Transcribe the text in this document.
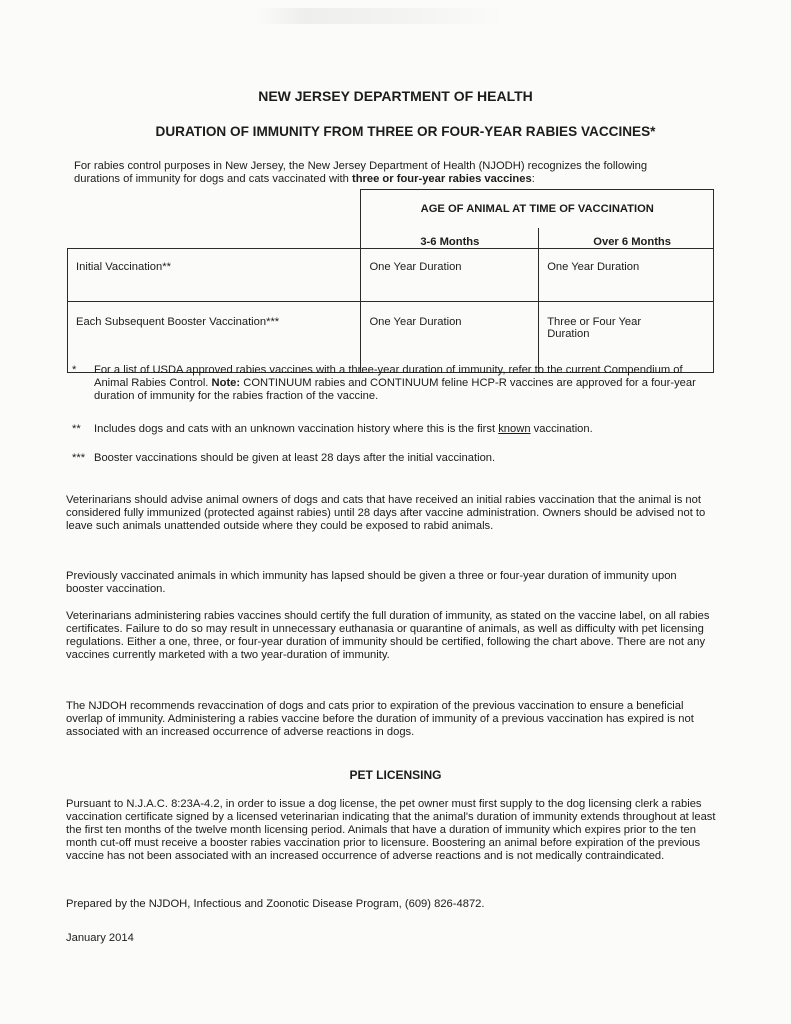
NEW JERSEY DEPARTMENT OF HEALTH
DURATION OF IMMUNITY FROM THREE OR FOUR-YEAR RABIES VACCINES*
For rabies control purposes in New Jersey, the New Jersey Department of Health (NJODH) recognizes the following durations of immunity for dogs and cats vaccinated with three or four-year rabies vaccines:
	AGE OF ANIMAL AT TIME OF VACCINATION	
	3-6 Months	Over 6 Months
Initial Vaccination**	One Year Duration	One Year Duration
Each Subsequent Booster Vaccination***	One Year Duration	Three or Four Year Duration
*	For a list of USDA approved rabies vaccines with a three-year duration of immunity, refer to the current Compendium of Animal Rabies Control. Note: CONTINUUM rabies and CONTINUUM feline HCP-R vaccines are approved for a four-year duration of immunity for the rabies fraction of the vaccine.
**	Includes dogs and cats with an unknown vaccination history where this is the first known vaccination.
*** Booster vaccinations should be given at least 28 days after the initial vaccination.
Veterinarians should advise animal owners of dogs and cats that have received an initial rabies vaccination that the animal is not considered fully immunized (protected against rabies) until 28 days after vaccine administration. Owners should be advised not to leave such animals unattended outside where they could be exposed to rabid animals.
Previously vaccinated animals in which immunity has lapsed should be given a three or four-year duration of immunity upon booster vaccination.
Veterinarians administering rabies vaccines should certify the full duration of immunity, as stated on the vaccine label, on all rabies certificates. Failure to do so may result in unnecessary euthanasia or quarantine of animals, as well as difficulty with pet licensing regulations. Either a one, three, or four-year duration of immunity should be certified, following the chart above. There are not any vaccines currently marketed with a two year-duration of immunity.
The NJDOH recommends revaccination of dogs and cats prior to expiration of the previous vaccination to ensure a beneficial overlap of immunity. Administering a rabies vaccine before the duration of immunity of a previous vaccination has expired is not associated with an increased occurrence of adverse reactions in dogs.
PET LICENSING
Pursuant to N.J.A.C. 8:23A-4.2, in order to issue a dog license, the pet owner must first supply to the dog licensing clerk a rabies vaccination certificate signed by a licensed veterinarian indicating that the animal's duration of immunity extends throughout at least the first ten months of the twelve month licensing period. Animals that have a duration of immunity which expires prior to the ten month cut-off must receive a booster rabies vaccination prior to licensure. Boostering an animal before expiration of the previous vaccine has not been associated with an increased occurrence of adverse reactions and is not medically contraindicated.
Prepared by the NJDOH, Infectious and Zoonotic Disease Program, (609) 826-4872.
January 2014
